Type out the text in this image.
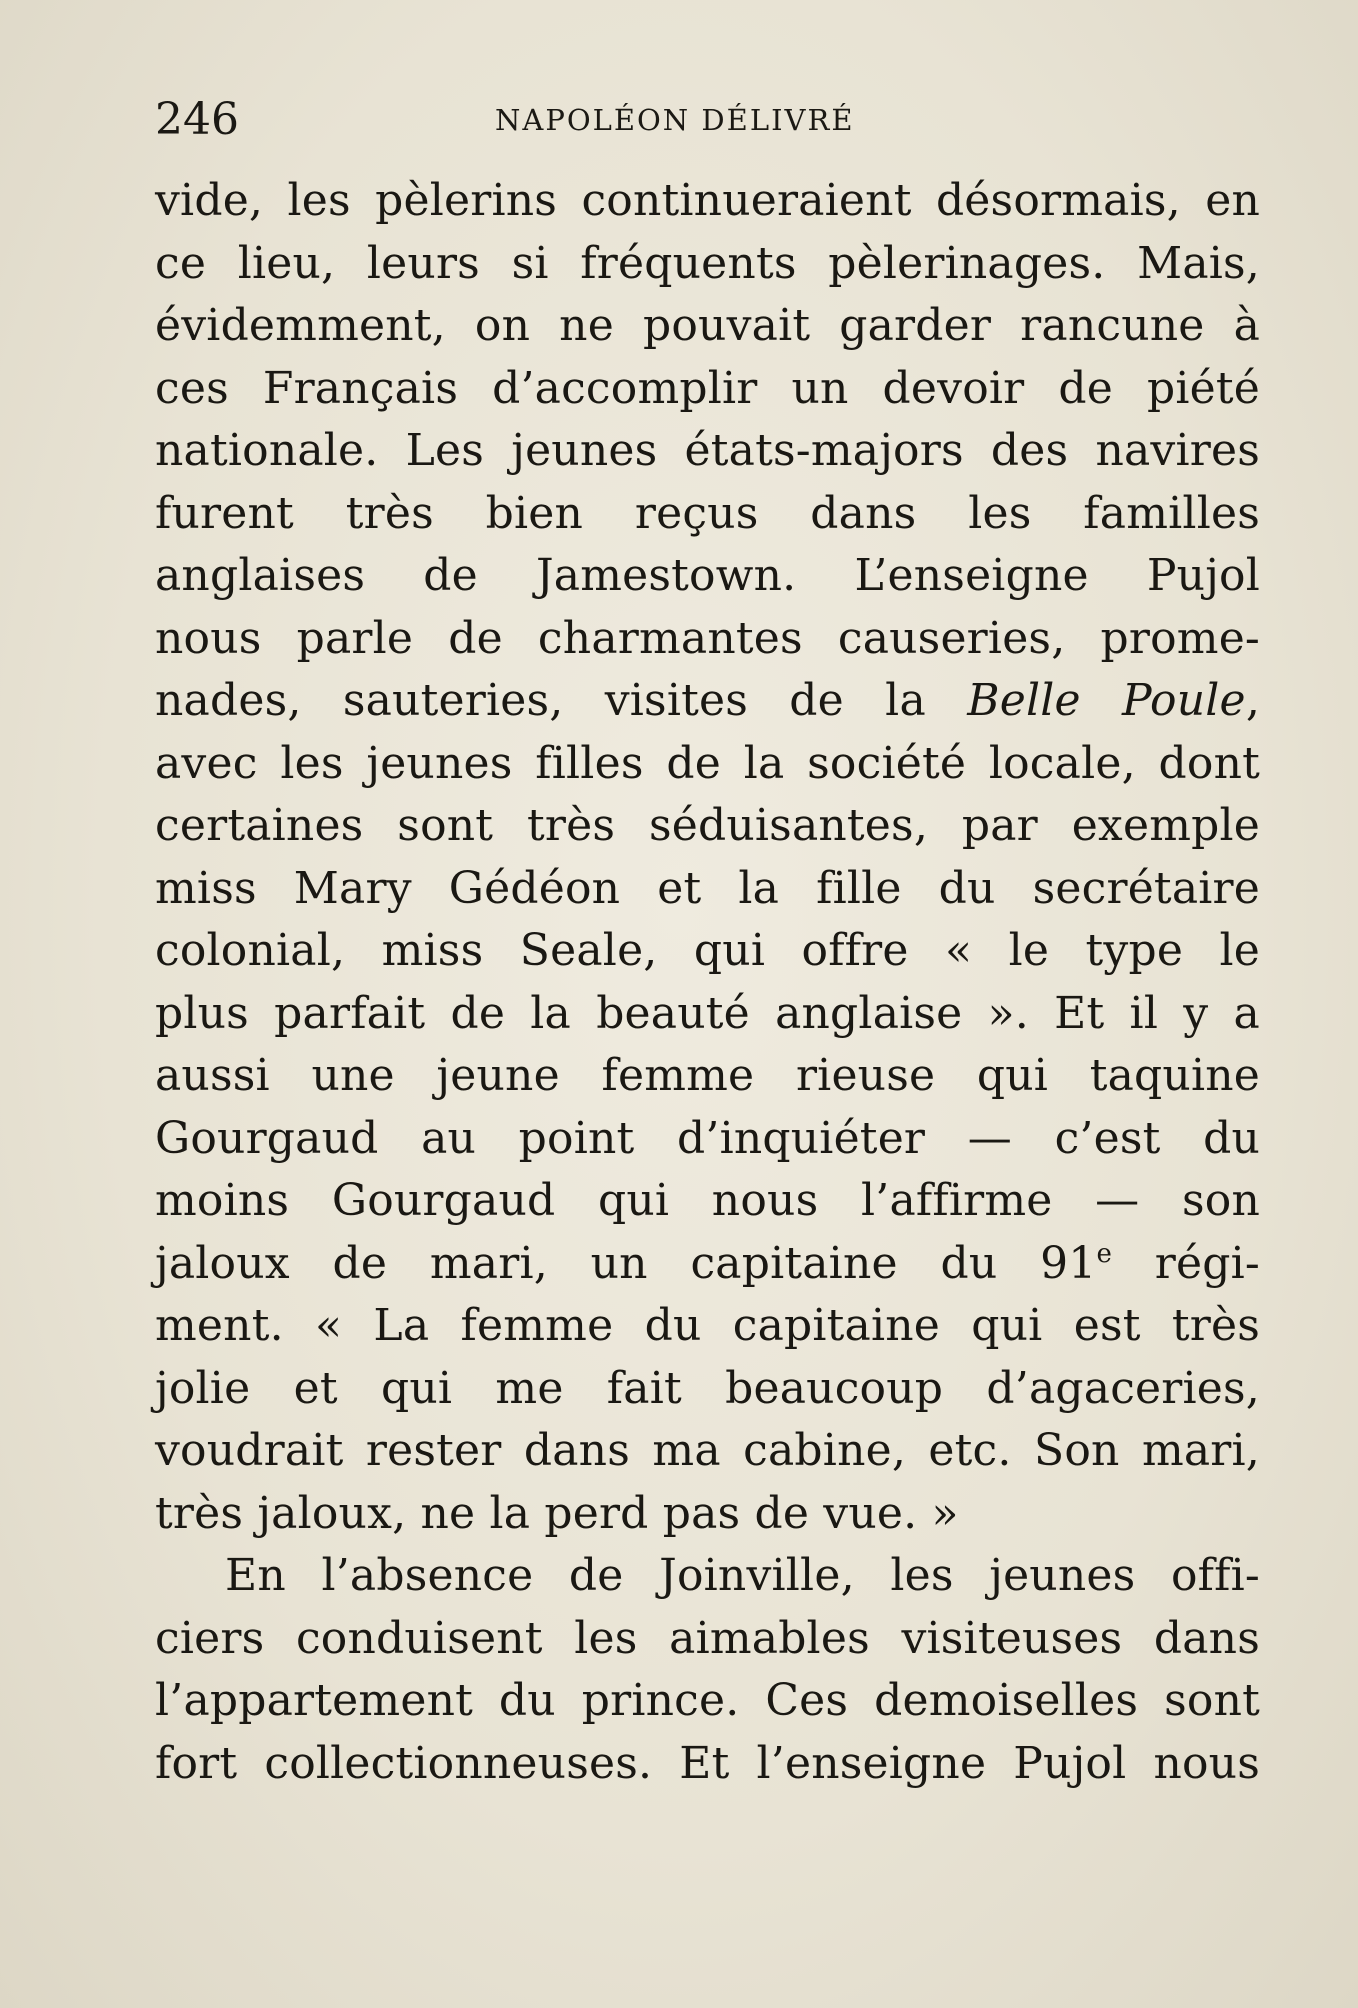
246	NAPOLÉON DÉLIVRÉ
vide, les pèlerins continueraient désormais, en
ce lieu, leurs si fréquents pèlerinages. Mais,
évidemment, on ne pouvait garder rancune à
ces Français d’accomplir un devoir de piété
nationale. Les jeunes états-majors des navires
furent très bien reçus dans les familles
anglaises de Jamestown. L’enseigne Pujol
nous parle de charmantes causeries, prome-
nades, sauteries, visites de la Belle Poule,
avec les jeunes filles de la société locale, dont
certaines sont très séduisantes, par exemple
miss Mary Gédéon et la fille du secrétaire
colonial, miss Seale, qui offre « le type le
plus parfait de la beauté anglaise ». Et il y a
aussi une jeune femme rieuse qui taquine
Gourgaud au point d’inquiéter — c’est du
moins Gourgaud qui nous l’affirme — son
jaloux de mari, un capitaine du 91e régi-
ment. « La femme du capitaine qui est très
jolie et qui me fait beaucoup d’agaceries,
voudrait rester dans ma cabine, etc. Son mari,
très jaloux, ne la perd pas de vue. »
En l’absence de Joinville, les jeunes offi-
ciers conduisent les aimables visiteuses dans
l’appartement du prince. Ces demoiselles sont
fort collectionneuses. Et l’enseigne Pujol nous
